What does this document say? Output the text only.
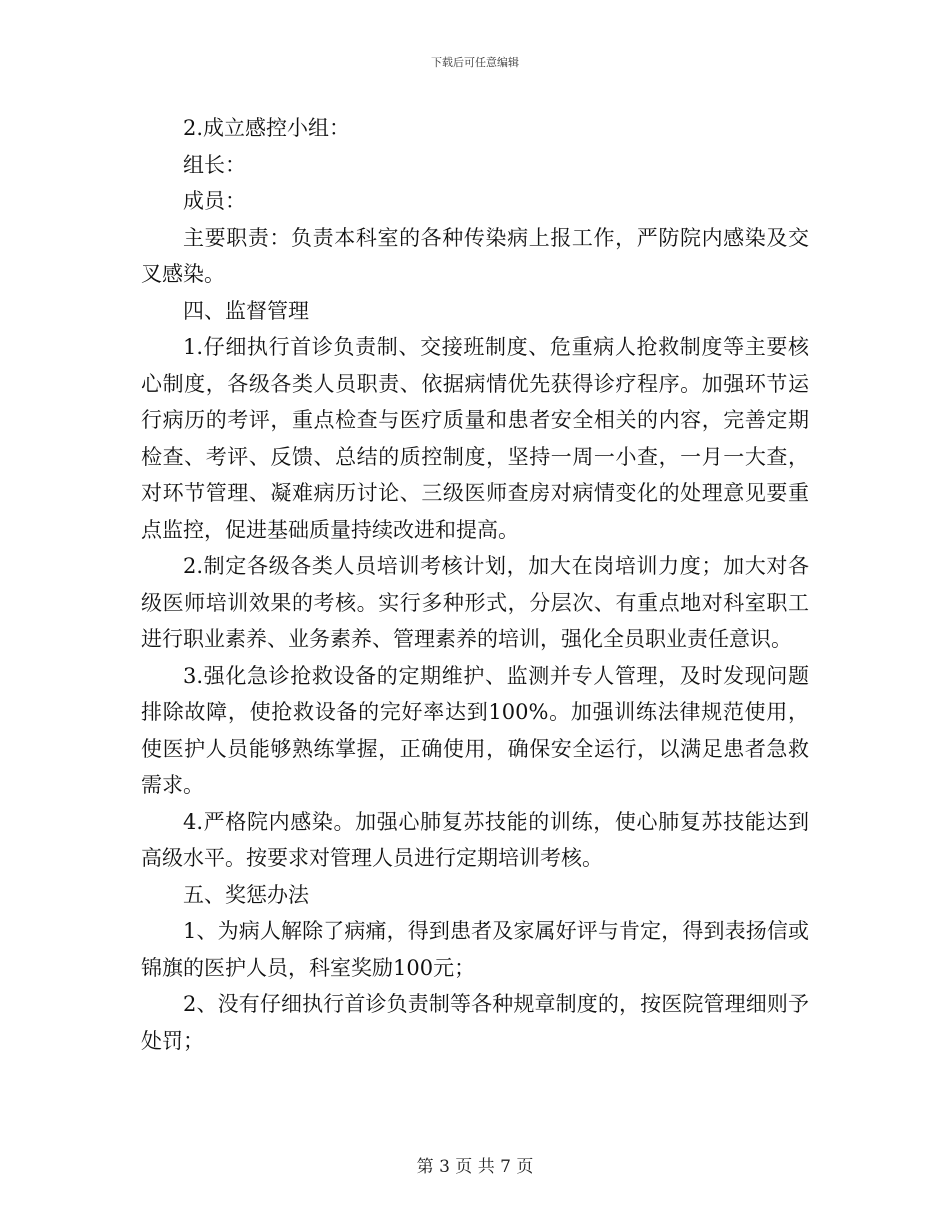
下载后可任意编辑

2.成立感控小组：

组长：

成员：

主要职责：负责本科室的各种传染病上报工作，严防院内感染及交叉感染。

四、监督管理

1.仔细执行首诊负责制、交接班制度、危重病人抢救制度等主要核心制度，各级各类人员职责、依据病情优先获得诊疗程序。加强环节运行病历的考评，重点检查与医疗质量和患者安全相关的内容，完善定期检查、考评、反馈、总结的质控制度，坚持一周一小查，一月一大查，对环节管理、凝难病历讨论、三级医师查房对病情变化的处理意见要重点监控，促进基础质量持续改进和提高。

2.制定各级各类人员培训考核计划，加大在岗培训力度；加大对各级医师培训效果的考核。实行多种形式，分层次、有重点地对科室职工进行职业素养、业务素养、管理素养的培训，强化全员职业责任意识。

3.强化急诊抢救设备的定期维护、监测并专人管理，及时发现问题排除故障，使抢救设备的完好率达到100%。加强训练法律规范使用，使医护人员能够熟练掌握，正确使用，确保安全运行，以满足患者急救需求。

4.严格院内感染。加强心肺复苏技能的训练，使心肺复苏技能达到高级水平。按要求对管理人员进行定期培训考核。

五、奖惩办法

1、为病人解除了病痛，得到患者及家属好评与肯定，得到表扬信或锦旗的医护人员，科室奖励100元；

2、没有仔细执行首诊负责制等各种规章制度的，按医院管理细则予处罚；

第 3 页 共 7 页
